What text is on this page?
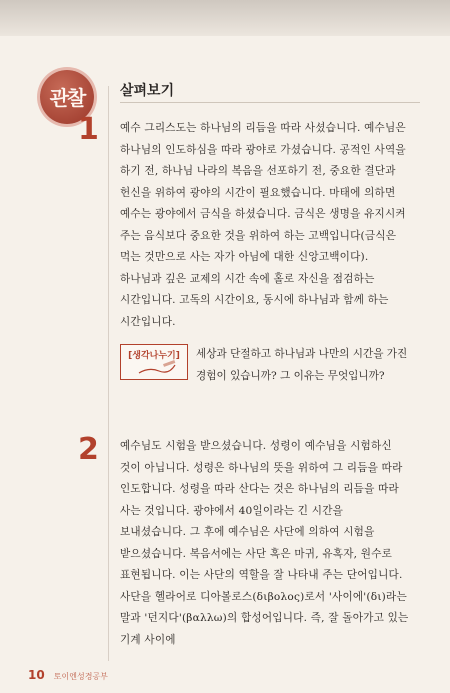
관찰	살펴보기
1 예수 그리스도는 하나님의 리듬을 따라 사셨습니다. 예수님은 하나님의 인도하심을 따라 광야로 가셨습니다. 공적인 사역을 하기 전, 하나님 나라의 복음을 선포하기 전, 중요한 결단과 헌신을 위하여 광야의 시간이 필요했습니다. 마태에 의하면 예수는 광야에서 금식을 하셨습니다. 금식은 생명을 유지시켜 주는 음식보다 중요한 것을 위하여 하는 고백입니다(금식은 먹는 것만으로 사는 자가 아님에 대한 신앙고백이다). 하나님과 깊은 교제의 시간 속에 홀로 자신을 점검하는 시간입니다. 고독의 시간이요, 동시에 하나님과 함께 하는 시간입니다.
[생각나누기]	세상과 단절하고 하나님과 나만의 시간을 가진 경험이 있습니까? 그 이유는 무엇입니까?
2 예수님도 시험을 받으셨습니다. 성령이 예수님을 시험하신 것이 아닙니다. 성령은 하나님의 뜻을 위하여 그 리듬을 따라 인도합니다. 성령을 따라 산다는 것은 하나님의 리듬을 따라 사는 것입니다. 광야에서 40일이라는 긴 시간을 보내셨습니다. 그 후에 예수님은 사단에 의하여 시험을 받으셨습니다. 복음서에는 사단 혹은 마귀, 유혹자, 원수로 표현됩니다. 이는 사단의 역할을 잘 나타내 주는 단어입니다. 사단을 헬라어로 디아볼로스(διβολος)로서 '사이에'(δι)라는 말과 '던지다'(βαλλω)의 합성어입니다. 즉, 잘 돌아가고 있는 기계 사이에
10 토이엔성경공부
